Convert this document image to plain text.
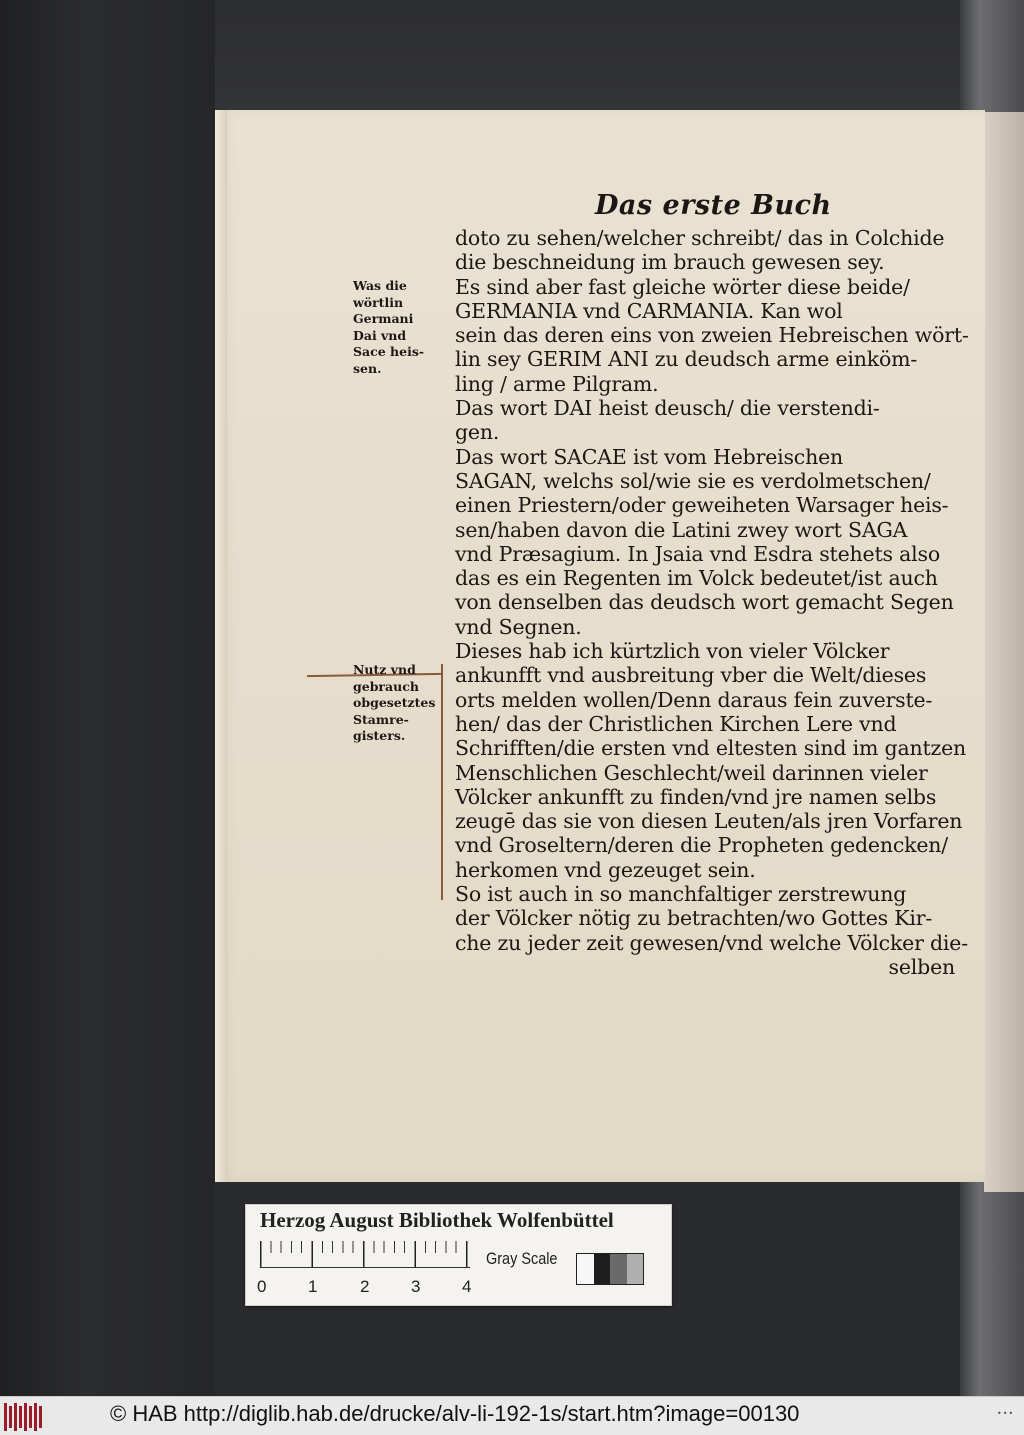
Das erste Buch
Was die
wörtlin
Germani
Dai vnd
Sace heis-
sen.
Nutz vnd
gebrauch
obgesetztes
Stamre-
gisters.
doto zu sehen/welcher schreibt/ das in Colchide
die beschneidung im brauch gewesen sey.
Es sind aber fast gleiche wörter diese beide/
GERMANIA vnd CARMANIA. Kan wol
sein das deren eins von zweien Hebreischen wört-
lin sey GERIM ANI zu deudsch arme einköm-
ling / arme Pilgram.
Das wort DAI heist deusch/ die verstendi-
gen.
Das wort SACAE ist vom Hebreischen
SAGAN, welchs sol/wie sie es verdolmetschen/
einen Priestern/oder geweiheten Warsager heis-
sen/haben davon die Latini zwey wort SAGA
vnd Præsagium. In Jsaia vnd Esdra stehets also
das es ein Regenten im Volck bedeutet/ist auch
von denselben das deudsch wort gemacht Segen
vnd Segnen.
Dieses hab ich kürtzlich von vieler Völcker
ankunfft vnd ausbreitung vber die Welt/dieses
orts melden wollen/Denn daraus fein zuverste-
hen/ das der Christlichen Kirchen Lere vnd
Schrifften/die ersten vnd eltesten sind im gantzen
Menschlichen Geschlecht/weil darinnen vieler
Völcker ankunfft zu finden/vnd jre namen selbs
zeugē das sie von diesen Leuten/als jren Vorfaren
vnd Groseltern/deren die Propheten gedencken/
herkomen vnd gezeuget sein.
So ist auch in so manchfaltiger zerstrewung
der Völcker nötig zu betrachten/wo Gottes Kir-
che zu jeder zeit gewesen/vnd welche Völcker die-
selben
Herzog August Bibliothek Wolfenbüttel
0 1	2 3 4
Gray Scale
© HAB http://diglib.hab.de/drucke/alv-li-192-1s/start.htm?image=00130	•••
